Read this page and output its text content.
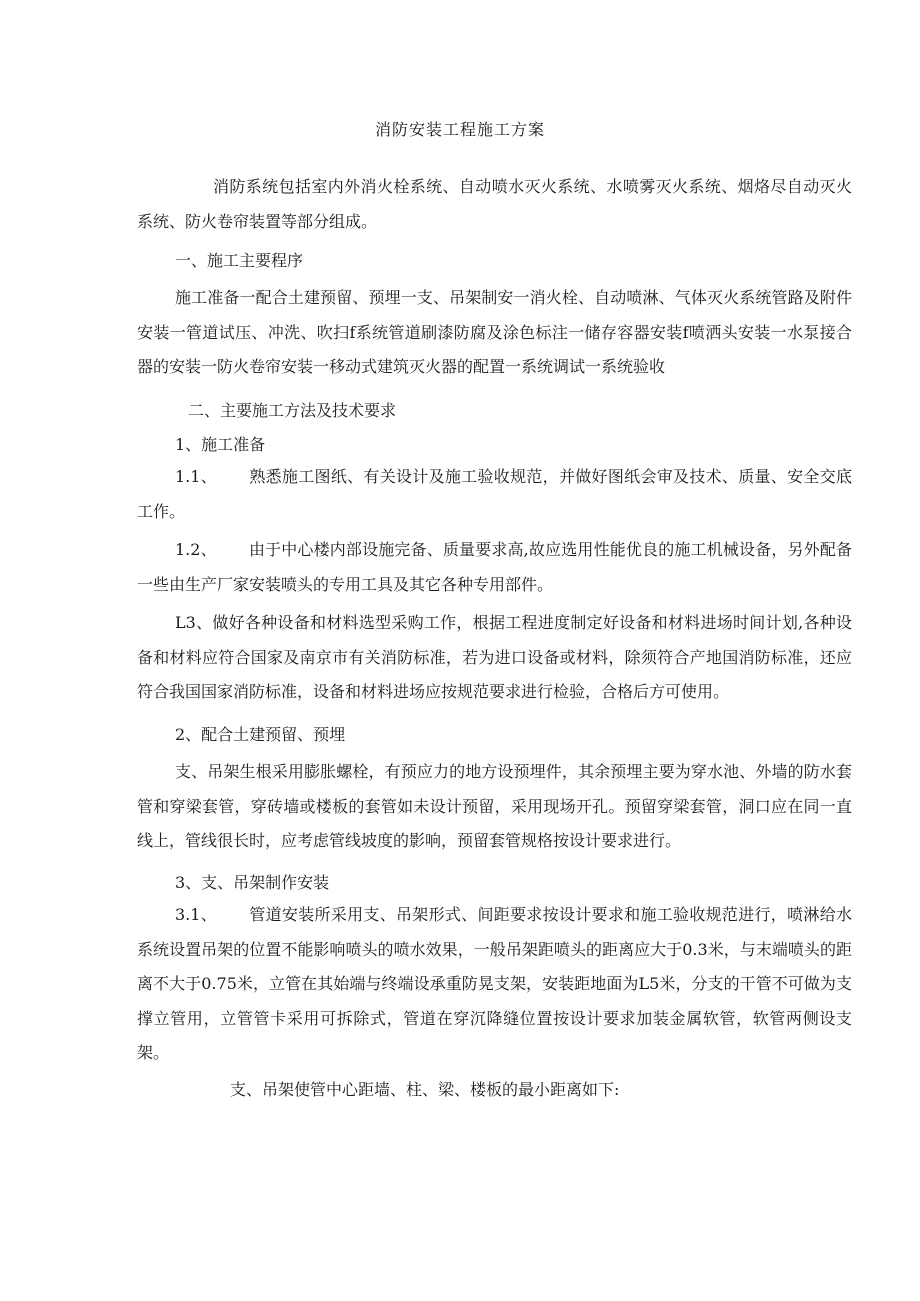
消防安装工程施工方案

消防系统包括室内外消火栓系统、自动喷水灭火系统、水喷雾灭火系统、烟烙尽自动灭火系统、防火卷帘装置等部分组成。

一、施工主要程序

施工准备一配合土建预留、预埋一支、吊架制安一消火栓、自动喷淋、气体灭火系统管路及附件安装一管道试压、冲洗、吹扫f系统管道刷漆防腐及涂色标注一储存容器安装f喷洒头安装一水泵接合器的安装一防火卷帘安装一移动式建筑灭火器的配置一系统调试一系统验收

二、主要施工方法及技术要求
1、施工准备
1.1、 熟悉施工图纸、有关设计及施工验收规范，并做好图纸会审及技术、质量、安全交底工作。
1.2、 由于中心楼内部设施完备、质量要求高,故应选用性能优良的施工机械设备，另外配备一些由生产厂家安装喷头的专用工具及其它各种专用部件。

L3、做好各种设备和材料选型采购工作，根据工程进度制定好设备和材料进场时间计划,各种设备和材料应符合国家及南京市有关消防标准，若为进口设备或材料，除须符合产地国消防标准，还应符合我国国家消防标准，设备和材料进场应按规范要求进行检验，合格后方可使用。

2、配合土建预留、预埋

支、吊架生根采用膨胀螺栓，有预应力的地方设预埋件，其余预埋主要为穿水池、外墙的防水套管和穿梁套管，穿砖墙或楼板的套管如未设计预留，采用现场开孔。预留穿梁套管，洞口应在同一直线上，管线很长时，应考虑管线坡度的影响，预留套管规格按设计要求进行。

3、支、吊架制作安装
3.1、 管道安装所采用支、吊架形式、间距要求按设计要求和施工验收规范进行，喷淋给水系统设置吊架的位置不能影响喷头的喷水效果，一般吊架距喷头的距离应大于0.3米，与末端喷头的距离不大于0.75米，立管在其始端与终端设承重防晃支架，安装距地面为L5米，分支的干管不可做为支撑立管用，立管管卡采用可拆除式，管道在穿沉降缝位置按设计要求加装金属软管，软管两侧设支架。
支、吊架使管中心距墙、柱、梁、楼板的最小距离如下:
